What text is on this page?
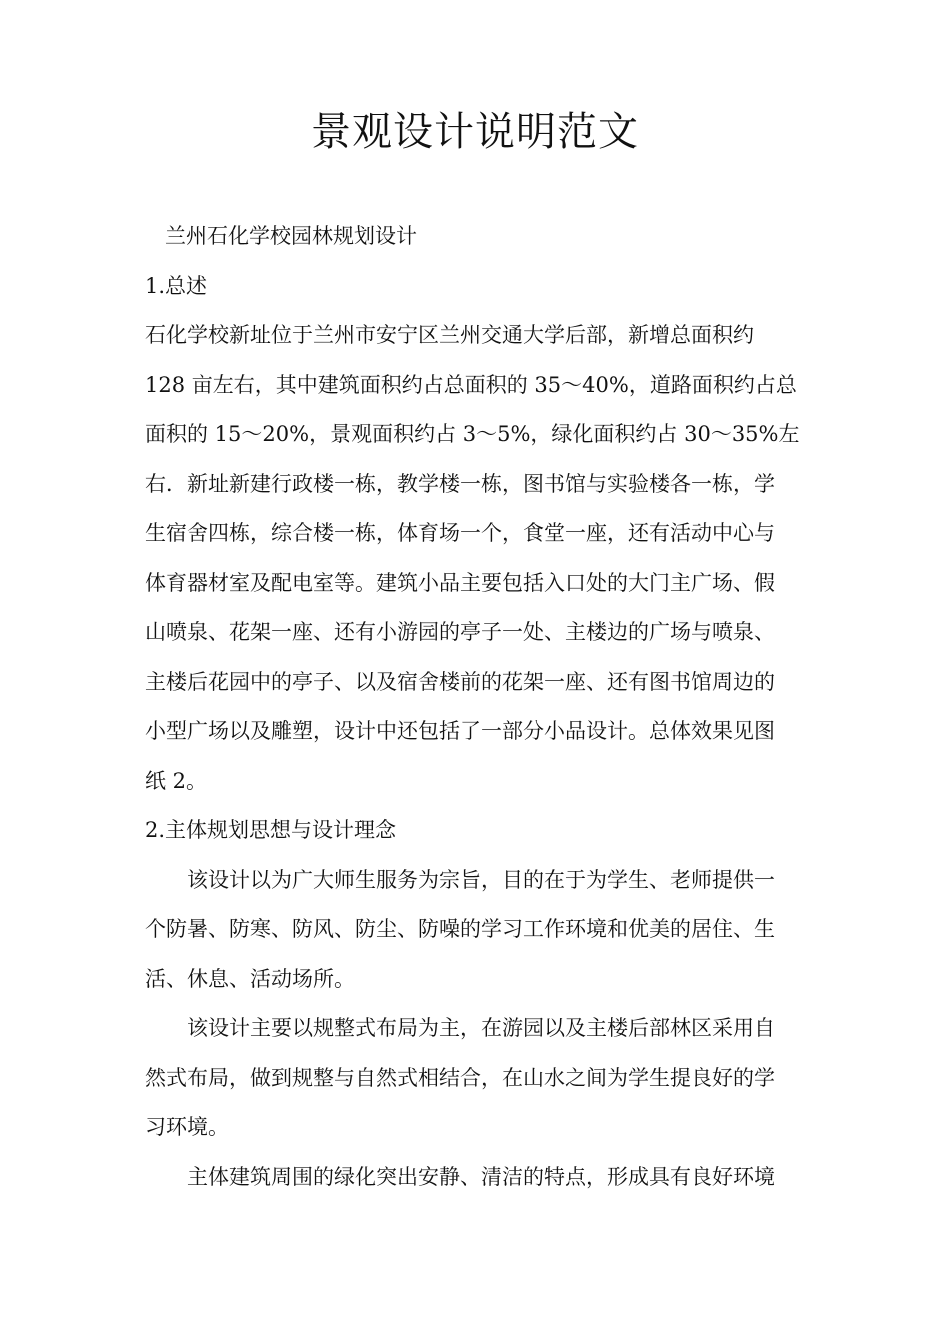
景观设计说明范文
兰州石化学校园林规划设计
1.总述
石化学校新址位于兰州市安宁区兰州交通大学后部，新增总面积约
128 亩左右，其中建筑面积约占总面积的 35～40%，道路面积约占总
面积的 15～20%，景观面积约占 3～5%，绿化面积约占 30～35%左
右．新址新建行政楼一栋，教学楼一栋，图书馆与实验楼各一栋，学
生宿舍四栋，综合楼一栋，体育场一个，食堂一座，还有活动中心与
体育器材室及配电室等。建筑小品主要包括入口处的大门主广场、假
山喷泉、花架一座、还有小游园的亭子一处、主楼边的广场与喷泉、
主楼后花园中的亭子、以及宿舍楼前的花架一座、还有图书馆周边的
小型广场以及雕塑，设计中还包括了一部分小品设计。总体效果见图
纸 2。
2.主体规划思想与设计理念
该设计以为广大师生服务为宗旨，目的在于为学生、老师提供一
个防暑、防寒、防风、防尘、防噪的学习工作环境和优美的居住、生
活、休息、活动场所。
该设计主要以规整式布局为主，在游园以及主楼后部林区采用自
然式布局，做到规整与自然式相结合，在山水之间为学生提良好的学
习环境。
主体建筑周围的绿化突出安静、清洁的特点，形成具有良好环境
